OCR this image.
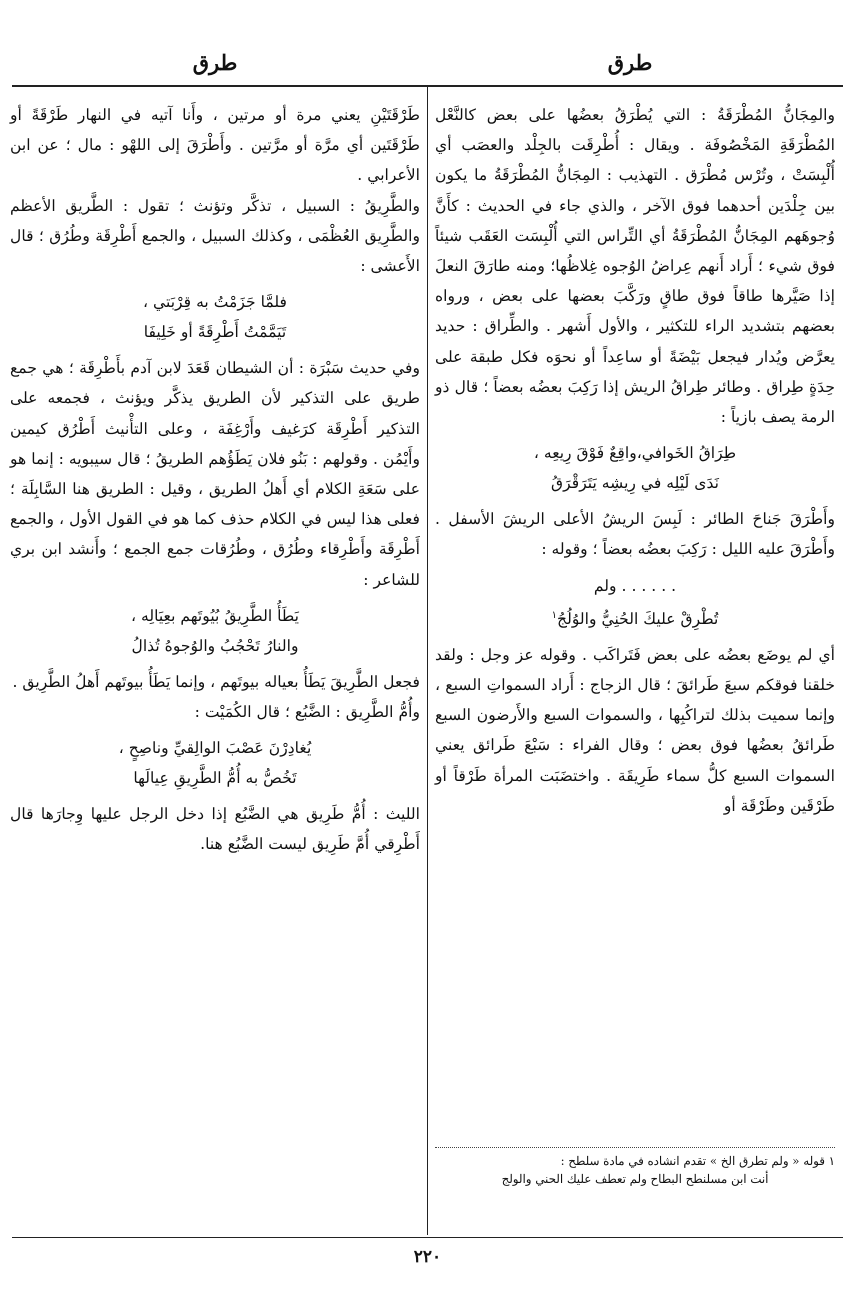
طرق
طرق

والمِجَانُّ المُطْرَقَةُ : التي يُطْرَقُ بعضُها على بعض كالنَّعْل المُطْرَقَةِ المَخْصُوفَة . ويقال : أُطْرِقَت بالجِلْد والعصَب أي أُلْبِسَتْ ، وتُرْس مُطْرَق . التهذيب : المِجَانُّ المُطْرَقَةُ ما يكون بين جِلْدَين أحدهما فوق الآخر ، والذي جاء في الحديث : كأَنَّ وُجوهَهم المِجَانُّ المُطْرَقَةُ أي التِّراس التي أُلْبِسَت العَقَب شيئاً فوق شيء ؛ أَراد أَنهم عِراضُ الوُجوه غِلاظُها؛ ومنه طارَقَ النعلَ إذا صَيَّرها طاقاً فوق طاقٍ ورَكَّبَ بعضها على بعض ، ورواه بعضهم بتشديد الراء للتكثير ، والأول أَشهر . والطِّراق : حديد يعرَّض ويُدار فيجعل بَيْضَةً أو ساعِداً أو نحوَه فكل طبقة على حِدَةٍ طِراق . وطائر طِراقُ الريش إذا رَكِبَ بعضُه بعضاً ؛ قال ذو الرمة يصف بازياً :

طِرَاقُ الخَوافي،واقِعٌ فَوْقَ رِيعِه ،
نَدَى لَيْلِه في رِيشِه يَتَرَقْرَقُ

وأَطْرَقَ جَناحَ الطائر : لَبِسَ الريشُ الأعلى الريشَ الأسفل . وأَطْرَقَ عليه الليل : رَكِبَ بعضُه بعضاً ؛ وقوله :

. . . . . . ولم
تُطْرِقْ عليكَ الحُنِيُّ والوُلُجُ$^١$

أي لم يوضَع بعضُه على بعض فَتَراكَب . وقوله عز وجل : ولقد خلقنا فوقكم سبعَ طَرائقَ ؛ قال الزجاج : أَراد السمواتِ السبع ، وإنما سميت بذلك لتراكُبِها ، والسموات السبع والأَرضون السبع طَرائقُ بعضُها فوق بعض ؛ وقال الفراء : سَبْعَ طَرائق يعني السموات السبع كلُّ سماء طَرِيقَة . واختضَبَت المرأة طَرْقاً أو طَرْقَين وطَرْقَة أو

١ قوله « ولم تطرق الخ » تقدم انشاده في مادة سلطح :
أنت ابن مسلنطح البطاح ولم تعطف عليك الحني والولج

طَرْقَتَيْنِ يعني مرة أو مرتين ، وأَنا آتيه في النهار طَرْقَةً أو طَرْقَتَين أي مرَّة أو مرَّتين . وأَطْرَقَ إلى اللهْو : مال ؛ عن ابن الأعرابي .

والطَّرِيقُ : السبيل ، تذكَّر وتؤنث ؛ تقول : الطَّريق الأعظم والطَّرِيق العُظْمَى ، وكذلك السبيل ، والجمع أَطْرِقَة وطُرُق ؛ قال الأَعشى :

فلمَّا جَزَمْتُ به قِرْبَتي ،
تَيَمَّمْتُ أَطْرِقَةً أو خَلِيفَا

وفي حديث سَبْرَة : أن الشيطان قَعَدَ لابن آدم بأَطْرِقَة ؛ هي جمع طريق على التذكير لأن الطريق يذكَّر ويؤنث ، فجمعه على التذكير أَطْرِقَة كرَغيف وأَرْغِفَة ، وعلى التأْنيث أَطْرُق كيمين وأَيْمُن . وقولهم : بَنُو فلان يَطَؤُهم الطريقُ ؛ قال سيبويه : إنما هو على سَعَةِ الكلام أي أَهلُ الطريق ، وقيل : الطريق هنا السَّابِلَة ؛ فعلى هذا ليس في الكلام حذف كما هو في القول الأول ، والجمع أَطْرِقَة وأَطْرِقاء وطُرُق ، وطُرُقات جمع الجمع ؛ وأَنشد ابن بري للشاعر :

يَطَأُ الطَّرِيقُ بُيُوتَهم بعِيَالِه ،
والنارُ تَحْجُبُ والوُجوهُ تُذالُ

فجعل الطَّرِيقَ يَطَأُ بعياله بيوتَهم ، وإنما يَطَأُ بيوتَهم أَهلُ الطَّرِيق .

وأُمُّ الطَّرِيق : الضَّبُع ؛ قال الكُمَيْت :

يُغادِرْنَ عَصْبَ الوالِقيِّ وناصِحٍ ،
تَخُصُّ به أُمُّ الطَّرِيقِ عِيالَها

الليث : أُمُّ طَرِيق هي الضَّبُع إذا دخل الرجل عليها وِجارَها قال أَطْرِقي أُمَّ طَرِيق ليست الضَّبُع هنا.

٢٢٠
